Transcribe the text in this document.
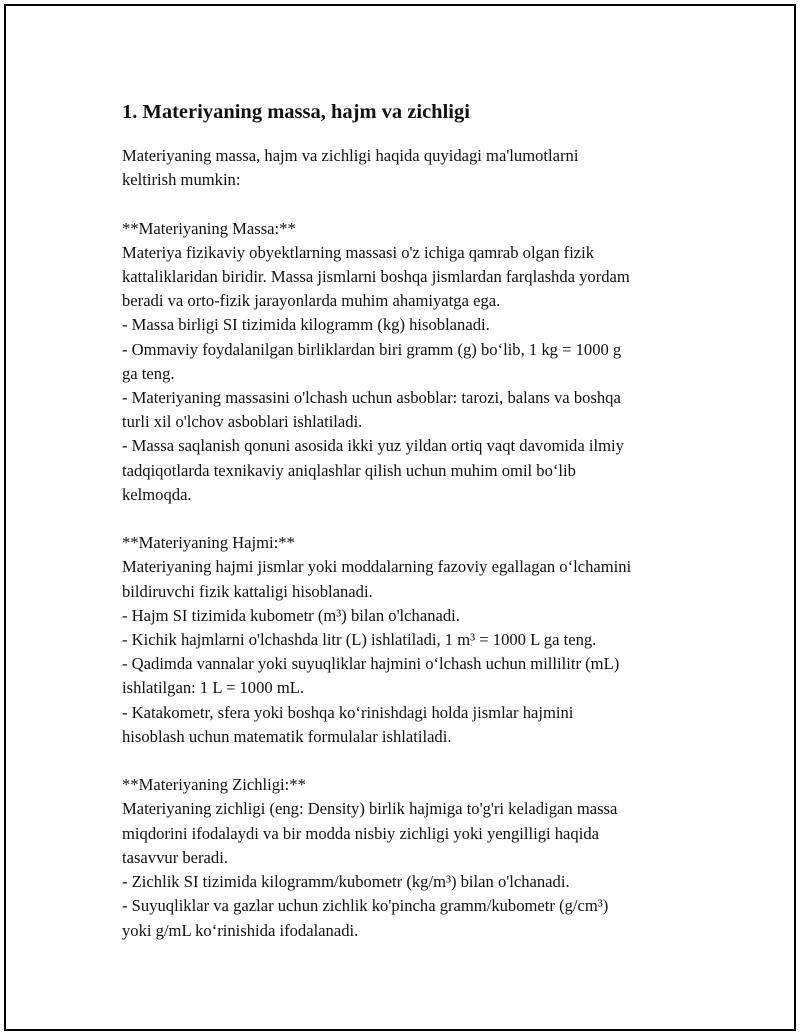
1. Materiyaning massa, hajm va zichligi
Materiyaning massa, hajm va zichligi haqida quyidagi ma'lumotlarni
keltirish mumkin:

**Materiyaning Massa:**
Materiya fizikaviy obyektlarning massasi o'z ichiga qamrab olgan fizik
kattaliklaridan biridir. Massa jismlarni boshqa jismlardan farqlashda yordam
beradi va orto-fizik jarayonlarda muhim ahamiyatga ega.
- Massa birligi SI tizimida kilogramm (kg) hisoblanadi.
- Ommaviy foydalanilgan birliklardan biri gramm (g) bo‘lib, 1 kg = 1000 g
ga teng.
- Materiyaning massasini o'lchash uchun asboblar: tarozi, balans va boshqa
turli xil o'lchov asboblari ishlatiladi.
- Massa saqlanish qonuni asosida ikki yuz yildan ortiq vaqt davomida ilmiy
tadqiqotlarda texnikaviy aniqlashlar qilish uchun muhim omil bo‘lib
kelmoqda.

**Materiyaning Hajmi:**
Materiyaning hajmi jismlar yoki moddalarning fazoviy egallagan o‘lchamini
bildiruvchi fizik kattaligi hisoblanadi.
- Hajm SI tizimida kubometr (m³) bilan o'lchanadi.
- Kichik hajmlarni o'lchashda litr (L) ishlatiladi, 1 m³ = 1000 L ga teng.
- Qadimda vannalar yoki suyuqliklar hajmini o‘lchash uchun millilitr (mL)
ishlatilgan: 1 L = 1000 mL.
- Katakometr, sfera yoki boshqa ko‘rinishdagi holda jismlar hajmini
hisoblash uchun matematik formulalar ishlatiladi.

**Materiyaning Zichligi:**
Materiyaning zichligi (eng: Density) birlik hajmiga to'g'ri keladigan massa
miqdorini ifodalaydi va bir modda nisbiy zichligi yoki yengilligi haqida
tasavvur beradi.
- Zichlik SI tizimida kilogramm/kubometr (kg/m³) bilan o'lchanadi.
- Suyuqliklar va gazlar uchun zichlik ko'pincha gramm/kubometr (g/cm³)
yoki g/mL ko‘rinishida ifodalanadi.
